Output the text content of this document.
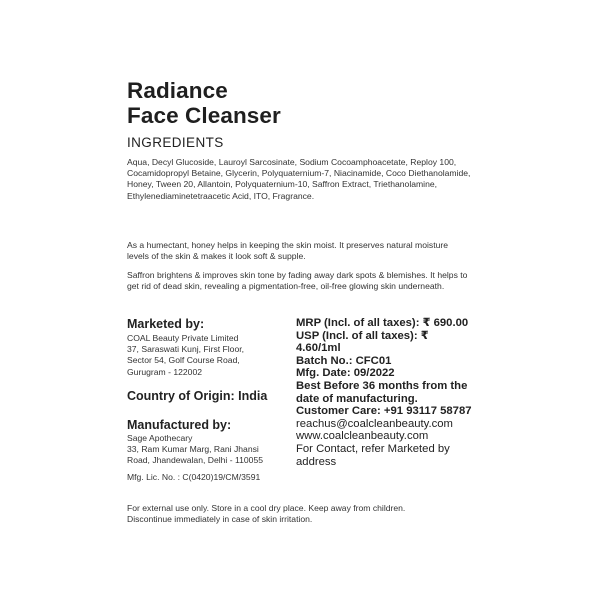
Radiance
Face Cleanser
INGREDIENTS
Aqua, Decyl Glucoside, Lauroyl Sarcosinate, Sodium Cocoamphoacetate, Reploy 100, Cocamidopropyl Betaine, Glycerin, Polyquaternium-7, Niacinamide, Coco Diethanolamide, Honey, Tween 20, Allantoin, Polyquaternium-10, Saffron Extract, Triethanolamine, Ethylenediaminetetraacetic Acid, ITO, Fragrance.
As a humectant, honey helps in keeping the skin moist. It preserves natural moisture levels of the skin & makes it look soft & supple.
Saffron brightens & improves skin tone by fading away dark spots & blemishes. It helps to get rid of dead skin, revealing a pigmentation-free, oil-free glowing skin underneath.
Marketed by:
COAL Beauty Private Limited
37, Saraswati Kunj, First Floor,
Sector 54, Golf Course Road,
Gurugram - 122002
Country of Origin: India
Manufactured by:
Sage Apothecary
33, Ram Kumar Marg, Rani Jhansi
Road, Jhandewalan, Delhi - 110055
Mfg. Lic. No. : C(0420)19/CM/3591
MRP (Incl. of all taxes): ₹ 690.00
USP (Incl. of all taxes): ₹ 4.60/1ml
Batch No.: CFC01
Mfg. Date: 09/2022
Best Before 36 months from the date of manufacturing.
Customer Care: +91 93117 58787
reachus@coalcleanbeauty.com
www.coalcleanbeauty.com
For Contact, refer Marketed by address
For external use only. Store in a cool dry place. Keep away from children.
Discontinue immediately in case of skin irritation.
